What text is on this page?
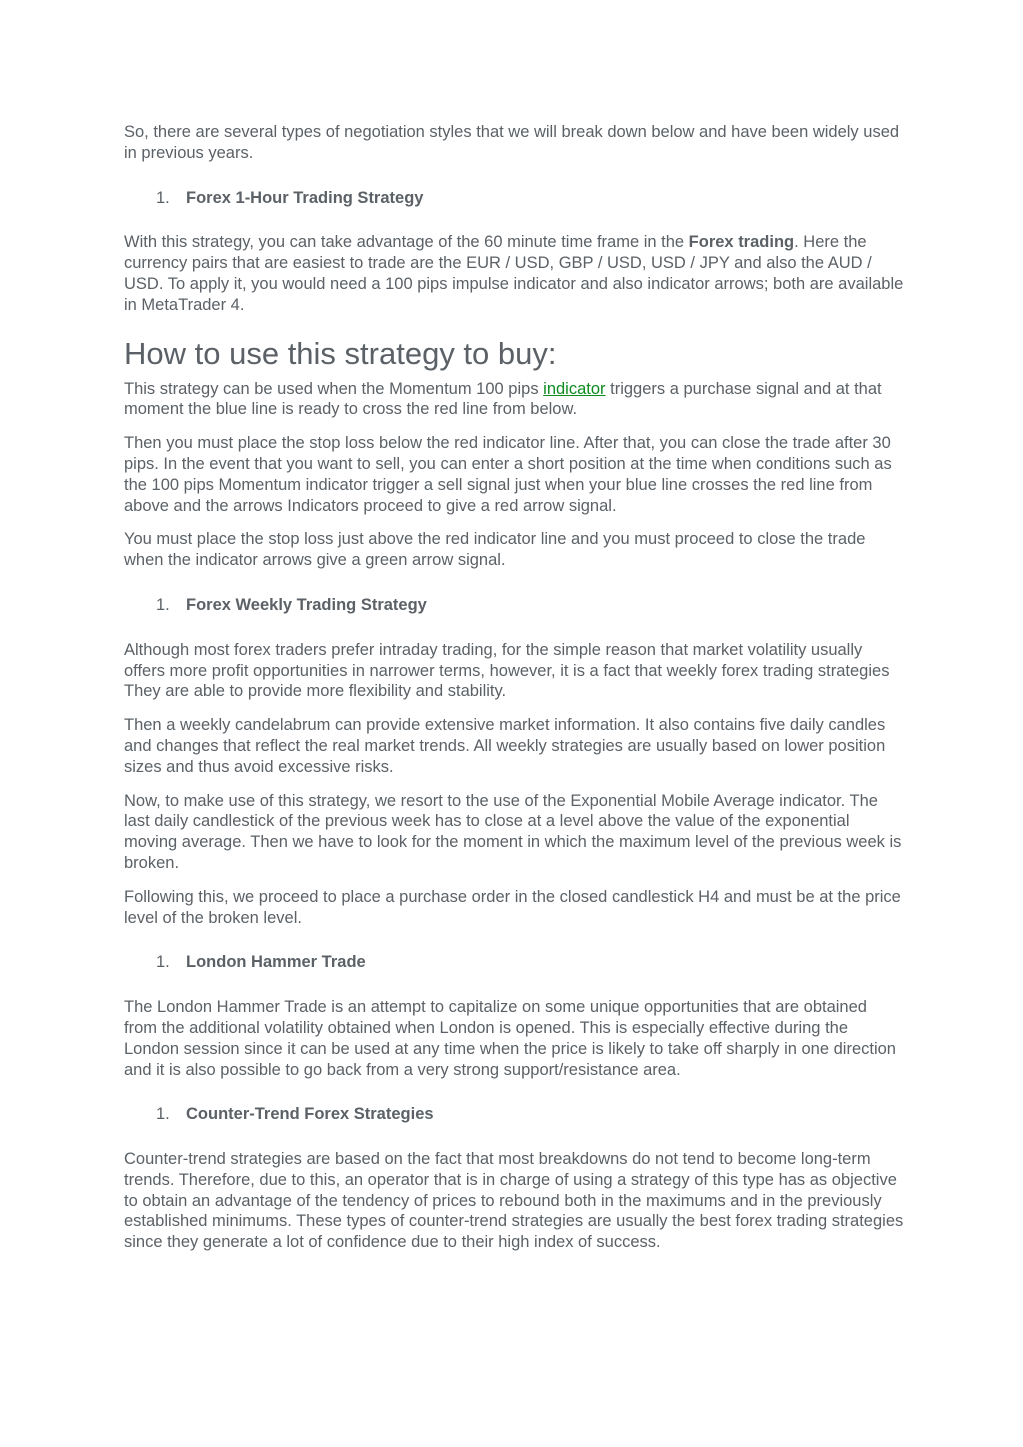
So, there are several types of negotiation styles that we will break down below and have been widely used in previous years.

1. Forex 1-Hour Trading Strategy

With this strategy, you can take advantage of the 60 minute time frame in the Forex trading. Here the currency pairs that are easiest to trade are the EUR / USD, GBP / USD, USD / JPY and also the AUD / USD. To apply it, you would need a 100 pips impulse indicator and also indicator arrows; both are available in MetaTrader 4.

How to use this strategy to buy:

This strategy can be used when the Momentum 100 pips indicator triggers a purchase signal and at that moment the blue line is ready to cross the red line from below.

Then you must place the stop loss below the red indicator line. After that, you can close the trade after 30 pips. In the event that you want to sell, you can enter a short position at the time when conditions such as the 100 pips Momentum indicator trigger a sell signal just when your blue line crosses the red line from above and the arrows Indicators proceed to give a red arrow signal.

You must place the stop loss just above the red indicator line and you must proceed to close the trade when the indicator arrows give a green arrow signal.

1. Forex Weekly Trading Strategy

Although most forex traders prefer intraday trading, for the simple reason that market volatility usually offers more profit opportunities in narrower terms, however, it is a fact that weekly forex trading strategies They are able to provide more flexibility and stability.

Then a weekly candelabrum can provide extensive market information. It also contains five daily candles and changes that reflect the real market trends. All weekly strategies are usually based on lower position sizes and thus avoid excessive risks.

Now, to make use of this strategy, we resort to the use of the Exponential Mobile Average indicator. The last daily candlestick of the previous week has to close at a level above the value of the exponential moving average. Then we have to look for the moment in which the maximum level of the previous week is broken.

Following this, we proceed to place a purchase order in the closed candlestick H4 and must be at the price level of the broken level.

1. London Hammer Trade

The London Hammer Trade is an attempt to capitalize on some unique opportunities that are obtained from the additional volatility obtained when London is opened. This is especially effective during the London session since it can be used at any time when the price is likely to take off sharply in one direction and it is also possible to go back from a very strong support/resistance area.

1. Counter-Trend Forex Strategies

Counter-trend strategies are based on the fact that most breakdowns do not tend to become long-term trends. Therefore, due to this, an operator that is in charge of using a strategy of this type has as objective to obtain an advantage of the tendency of prices to rebound both in the maximums and in the previously established minimums. These types of counter-trend strategies are usually the best forex trading strategies since they generate a lot of confidence due to their high index of success.
